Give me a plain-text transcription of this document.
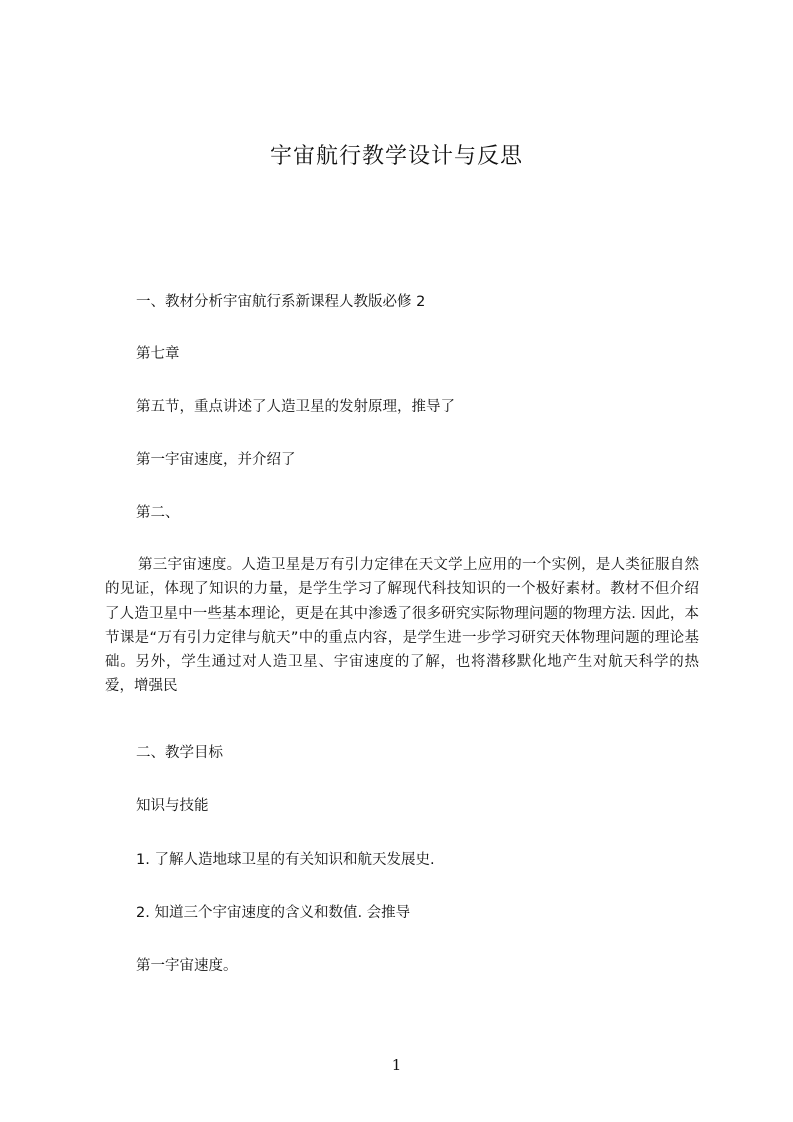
宇宙航行教学设计与反思
一、教材分析宇宙航行系新课程人教版必修 2
第七章
第五节，重点讲述了人造卫星的发射原理，推导了
第一宇宙速度，并介绍了
第二、

第三宇宙速度。人造卫星是万有引力定律在天文学上应用的一个实例，是人类征服自然的见证，体现了知识的力量，是学生学习了解现代科技知识的一个极好素材。教材不但介绍了人造卫星中一些基本理论，更是在其中渗透了很多研究实际物理问题的物理方法. 因此，本节课是“万有引力定律与航天”中的重点内容，是学生进一步学习研究天体物理问题的理论基础。另外，学生通过对人造卫星、宇宙速度的了解，也将潜移默化地产生对航天科学的热爱，增强民

二、教学目标
知识与技能
1. 了解人造地球卫星的有关知识和航天发展史.
2. 知道三个宇宙速度的含义和数值. 会推导
第一宇宙速度。
1
